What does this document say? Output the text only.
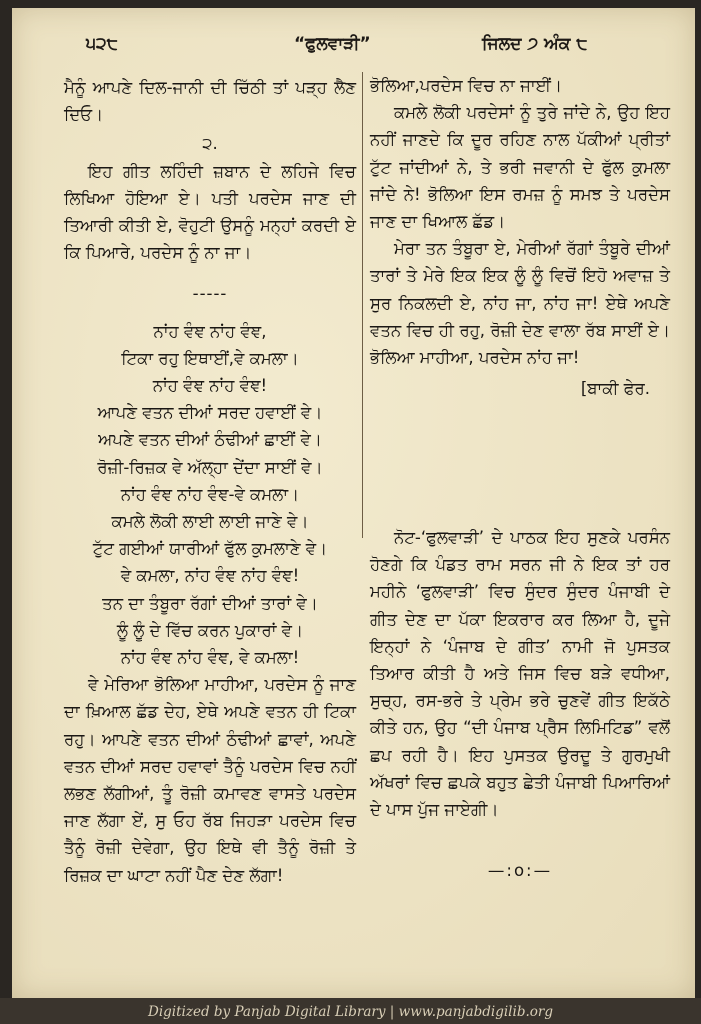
੫੨੮	“ਫੁਲਵਾੜੀ”	ਜਿਲਦ ੭ ਅੰਕ ੮

ਮੈਨੂੰ ਆਪਣੇ ਦਿਲ-ਜਾਨੀ ਦੀ ਚਿੱਠੀ ਤਾਂ ਪੜ੍ਹ ਲੈਣ ਦਿਓ।

੨.

ਇਹ ਗੀਤ ਲਹਿੰਦੀ ਜ਼ਬਾਨ ਦੇ ਲਹਿਜੇ ਵਿਚ ਲਿਖਿਆ ਹੋਇਆ ਏ। ਪਤੀ ਪਰਦੇਸ ਜਾਣ ਦੀ ਤਿਆਰੀ ਕੀਤੀ ਏ, ਵੋਹੁਟੀ ਉਸਨੂੰ ਮਨ੍ਹਾਂ ਕਰਦੀ ਏ ਕਿ ਪਿਆਰੇ, ਪਰਦੇਸ ਨੂੰ ਨਾ ਜਾ।

-----

ਨਾਂਹ ਵੰਞ ਨਾਂਹ ਵੰਞ,

ਟਿਕਾ ਰਹੁ ਇਥਾਈਂ,ਵੇ ਕਮਲਾ।

ਨਾਂਹ ਵੰਞ ਨਾਂਹ ਵੰਞ!

ਆਪਣੇ ਵਤਨ ਦੀਆਂ ਸਰਦ ਹਵਾਈਂ ਵੇ।

ਅਪਣੇ ਵਤਨ ਦੀਆਂ ਠੰਢੀਆਂ ਛਾਈਂ ਵੇ।

ਰੋਜ਼ੀ-ਰਿਜ਼ਕ ਵੇ ਅੱਲ੍ਹਾ ਦੇਂਦਾ ਸਾਈਂ ਵੇ।

ਨਾਂਹ ਵੰਞ ਨਾਂਹ ਵੰਞ-ਵੇ ਕਮਲਾ।

ਕਮਲੇ ਲੋਕੀ ਲਾਈ ਲਾਈ ਜਾਣੇ ਵੇ।

ਟੁੱਟ ਗਈਆਂ ਯਾਰੀਆਂ ਫੁੱਲ ਕੁਮਲਾਣੇ ਵੇ।

ਵੇ ਕਮਲਾ, ਨਾਂਹ ਵੰਞ ਨਾਂਹ ਵੰਞ!

ਤਨ ਦਾ ਤੰਬੂਰਾ ਰੱਗਾਂ ਦੀਆਂ ਤਾਰਾਂ ਵੇ।

ਲੂੰ ਲੂੰ ਦੇ ਵਿੱਚ ਕਰਨ ਪੁਕਾਰਾਂ ਵੇ।

ਨਾਂਹ ਵੰਞ ਨਾਂਹ ਵੰਞ, ਵੇ ਕਮਲਾ!

ਵੇ ਮੇਰਿਆ ਭੋਲਿਆ ਮਾਹੀਆ, ਪਰਦੇਸ ਨੂੰ ਜਾਣ ਦਾ ਖ਼ਿਆਲ ਛੱਡ ਦੇਹ, ਏਥੇ ਅਪਣੇ ਵਤਨ ਹੀ ਟਿਕਾ ਰਹੁ। ਆਪਣੇ ਵਤਨ ਦੀਆਂ ਠੰਢੀਆਂ ਛਾਵਾਂ, ਅਪਣੇ ਵਤਨ ਦੀਆਂ ਸਰਦ ਹਵਾਵਾਂ ਤੈਨੂੰ ਪਰਦੇਸ ਵਿਚ ਨਹੀਂ ਲਭਣ ਲੱਗੀਆਂ, ਤੂੰ ਰੋਜ਼ੀ ਕਮਾਵਣ ਵਾਸਤੇ ਪਰਦੇਸ ਜਾਣ ਲੱਗਾ ਏਂ, ਸੁ ਓਹ ਰੱਬ ਜਿਹੜਾ ਪਰਦੇਸ ਵਿਚ ਤੈਨੂੰ ਰੋਜ਼ੀ ਦੇਵੇਗਾ, ਉਹ ਇਥੇ ਵੀ ਤੈਨੂੰ ਰੋਜ਼ੀ ਤੇ ਰਿਜ਼ਕ ਦਾ ਘਾਟਾ ਨਹੀਂ ਪੈਣ ਦੇਣ ਲੱਗਾ!

ਭੋਲਿਆ,ਪਰਦੇਸ ਵਿਚ ਨਾ ਜਾਈਂ।

ਕਮਲੇ ਲੋਕੀ ਪਰਦੇਸਾਂ ਨੂੰ ਤੁਰੇ ਜਾਂਦੇ ਨੇ, ਉਹ ਇਹ ਨਹੀਂ ਜਾਣਦੇ ਕਿ ਦੂਰ ਰਹਿਣ ਨਾਲ ਪੱਕੀਆਂ ਪ੍ਰੀਤਾਂ ਟੁੱਟ ਜਾਂਦੀਆਂ ਨੇ, ਤੇ ਭਰੀ ਜਵਾਨੀ ਦੇ ਫੁੱਲ ਕੁਮਲਾ ਜਾਂਦੇ ਨੇ! ਭੋਲਿਆ ਇਸ ਰਮਜ਼ ਨੂੰ ਸਮਝ ਤੇ ਪਰਦੇਸ ਜਾਣ ਦਾ ਖਿਆਲ ਛੱਡ।

ਮੇਰਾ ਤਨ ਤੰਬੂਰਾ ਏ, ਮੇਰੀਆਂ ਰੱਗਾਂ ਤੰਬੂਰੇ ਦੀਆਂ ਤਾਰਾਂ ਤੇ ਮੇਰੇ ਇਕ ਇਕ ਲੂੰ ਲੂੰ ਵਿਚੋਂ ਇਹੋ ਅਵਾਜ਼ ਤੇ ਸੁਰ ਨਿਕਲਦੀ ਏ, ਨਾਂਹ ਜਾ, ਨਾਂਹ ਜਾ! ਏਥੇ ਅਪਣੇ ਵਤਨ ਵਿਚ ਹੀ ਰਹੁ, ਰੋਜ਼ੀ ਦੇਣ ਵਾਲਾ ਰੱਬ ਸਾਈਂ ਏ। ਭੋਲਿਆ ਮਾਹੀਆ, ਪਰਦੇਸ ਨਾਂਹ ਜਾ!

[ਬਾਕੀ ਫੇਰ.

ਨੋਟ-‘ਫੁਲਵਾੜੀ’ ਦੇ ਪਾਠਕ ਇਹ ਸੁਣਕੇ ਪਰਸੰਨ ਹੋਣਗੇ ਕਿ ਪੰਡਤ ਰਾਮ ਸਰਨ ਜੀ ਨੇ ਇਕ ਤਾਂ ਹਰ ਮਹੀਨੇ ‘ਫੁਲਵਾੜੀ’ ਵਿਚ ਸੁੰਦਰ ਸੁੰਦਰ ਪੰਜਾਬੀ ਦੇ ਗੀਤ ਦੇਣ ਦਾ ਪੱਕਾ ਇਕਰਾਰ ਕਰ ਲਿਆ ਹੈ, ਦੂਜੇ ਇਨ੍ਹਾਂ ਨੇ ‘ਪੰਜਾਬ ਦੇ ਗੀਤ’ ਨਾਮੀ ਜੋ ਪੁਸਤਕ ਤਿਆਰ ਕੀਤੀ ਹੈ ਅਤੇ ਜਿਸ ਵਿਚ ਬੜੇ ਵਧੀਆ, ਸੁਚ੍ਹ, ਰਸ-ਭਰੇ ਤੇ ਪ੍ਰੇਮ ਭਰੇ ਚੁਣਵੇਂ ਗੀਤ ਇਕੱਠੇ ਕੀਤੇ ਹਨ, ਉਹ “ਦੀ ਪੰਜਾਬ ਪ੍ਰੈਸ ਲਿਮਿਟਿਡ” ਵਲੋਂ ਛਪ ਰਹੀ ਹੈ। ਇਹ ਪੁਸਤਕ ਉਰਦੂ ਤੇ ਗੁਰਮੁਖੀ ਅੱਖਰਾਂ ਵਿਚ ਛਪਕੇ ਬਹੁਤ ਛੇਤੀ ਪੰਜਾਬੀ ਪਿਆਰਿਆਂ ਦੇ ਪਾਸ ਪੁੱਜ ਜਾਏਗੀ।

—:o:—

Digitized by Panjab Digital Library | www.panjabdigilib.org
